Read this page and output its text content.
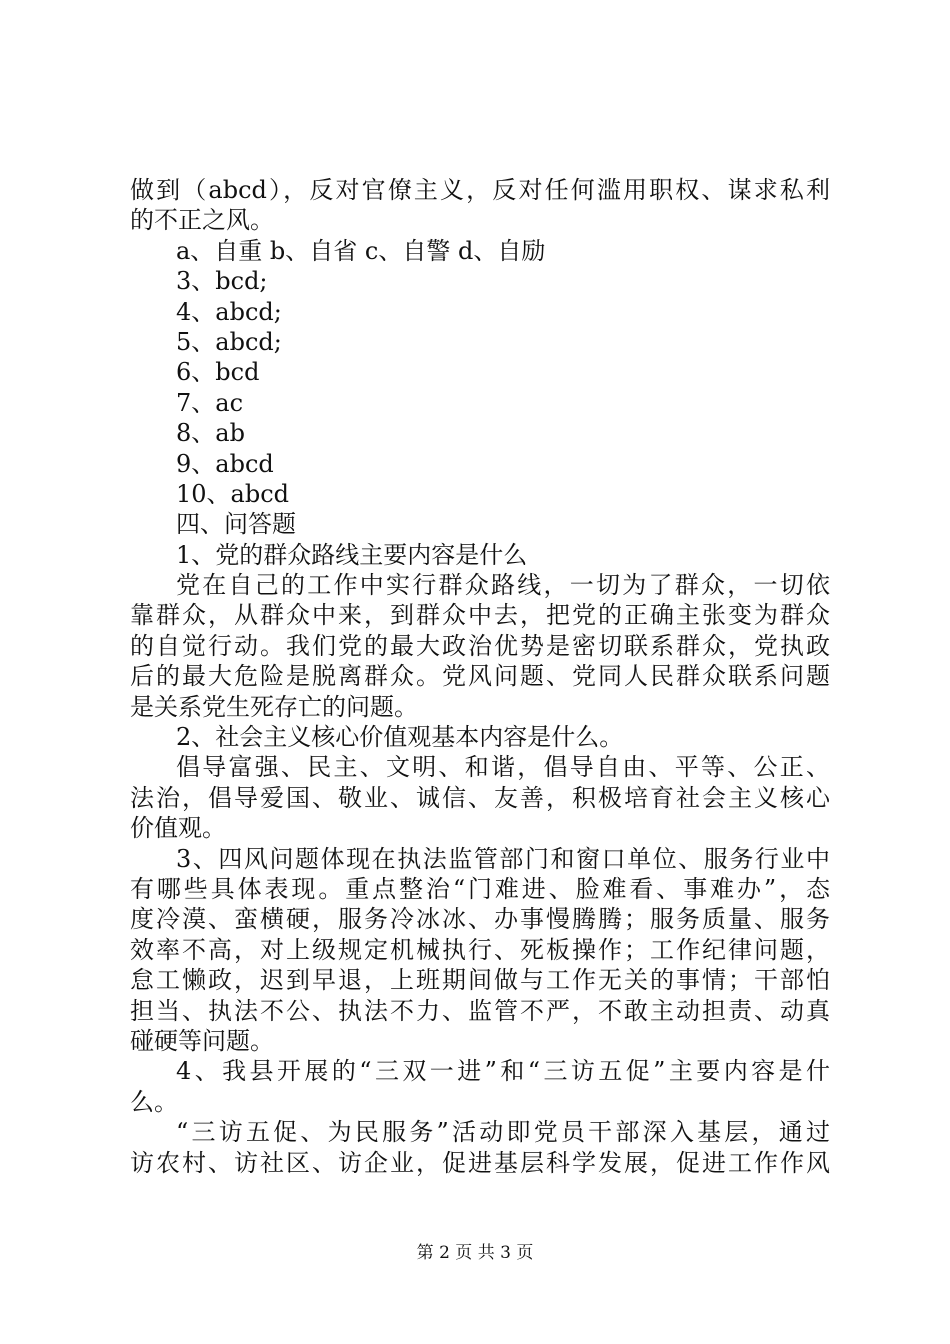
做到（abcd），反对官僚主义，反对任何滥用职权、谋求私利
的不正之风。
a、自重 b、自省 c、自警 d、自励
3、bcd;
4、abcd;
5、abcd;
6、bcd
7、ac
8、ab
9、abcd
10、abcd
四、问答题
1、党的群众路线主要内容是什么
党在自己的工作中实行群众路线，一切为了群众，一切依
靠群众，从群众中来，到群众中去，把党的正确主张变为群众
的自觉行动。我们党的最大政治优势是密切联系群众，党执政
后的最大危险是脱离群众。党风问题、党同人民群众联系问题
是关系党生死存亡的问题。
2、社会主义核心价值观基本内容是什么。
倡导富强、民主、文明、和谐，倡导自由、平等、公正、
法治，倡导爱国、敬业、诚信、友善，积极培育社会主义核心
价值观。
3、四风问题体现在执法监管部门和窗口单位、服务行业中
有哪些具体表现。重点整治“门难进、脸难看、事难办”，态
度冷漠、蛮横硬，服务冷冰冰、办事慢腾腾；服务质量、服务
效率不高，对上级规定机械执行、死板操作；工作纪律问题，
怠工懒政，迟到早退，上班期间做与工作无关的事情；干部怕
担当、执法不公、执法不力、监管不严，不敢主动担责、动真
碰硬等问题。
4、我县开展的“三双一进”和“三访五促”主要内容是什
么。
“三访五促、为民服务”活动即党员干部深入基层，通过
访农村、访社区、访企业，促进基层科学发展，促进工作作风
第 2 页 共 3 页
